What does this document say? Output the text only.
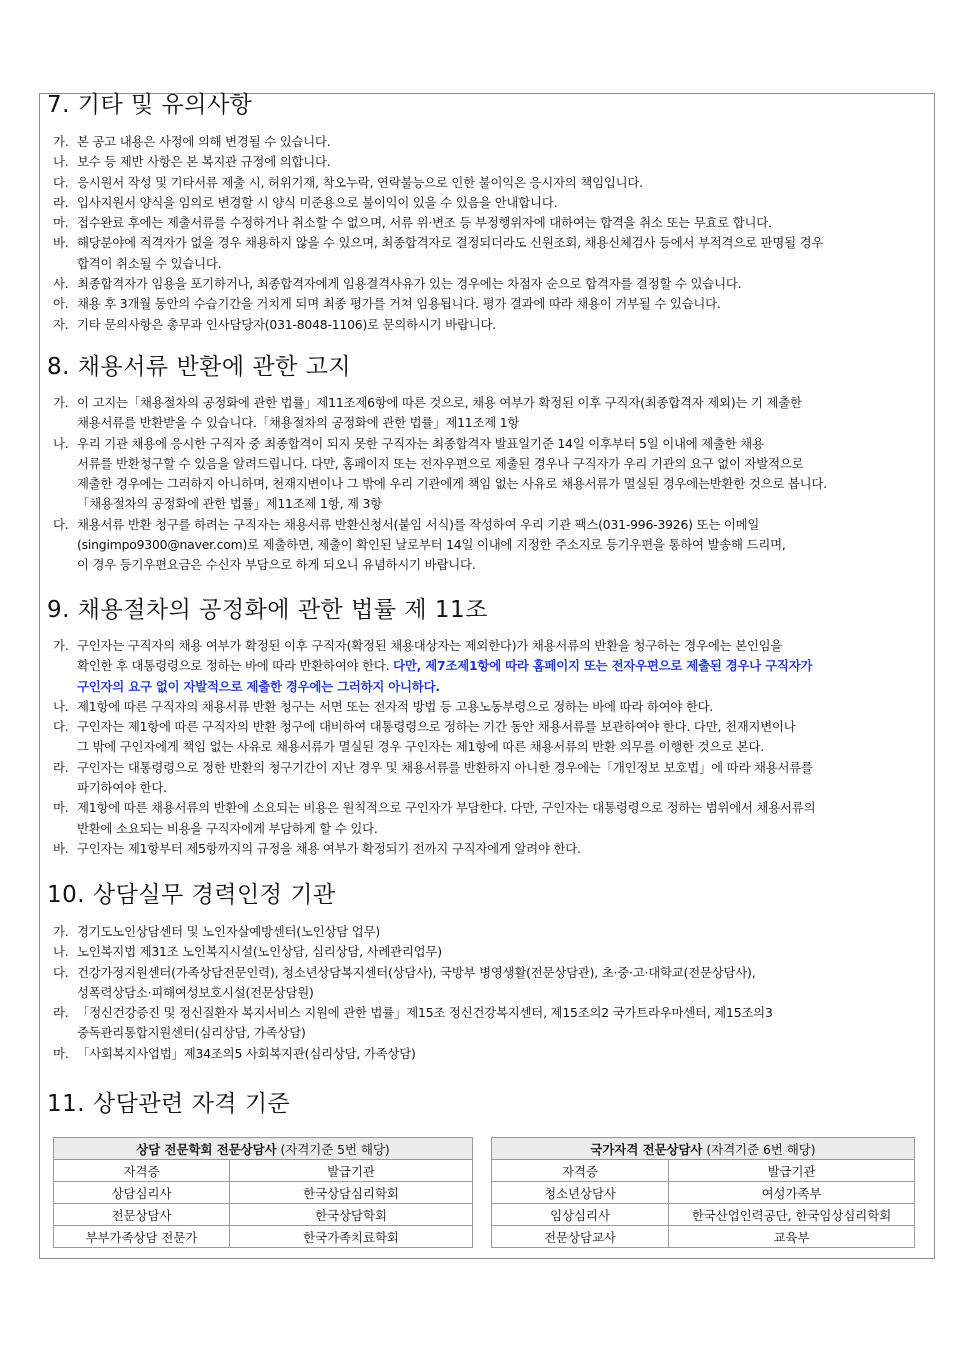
7. 기타 및 유의사항
가. 본 공고 내용은 사정에 의해 변경될 수 있습니다.
나. 보수 등 제반 사항은 본 복지관 규정에 의합니다.
다. 응시원서 작성 및 기타서류 제출 시, 허위기재, 착오누락, 연락불능으로 인한 불이익은 응시자의 책임입니다.
라. 입사지원서 양식을 임의로 변경할 시 양식 미준용으로 불이익이 있을 수 있음을 안내합니다.
마. 접수완료 후에는 제출서류를 수정하거나 취소할 수 없으며, 서류 위·변조 등 부정행위자에 대하여는 합격을 취소 또는 무효로 합니다.
바. 해당분야에 적격자가 없을 경우 채용하지 않을 수 있으며, 최종합격자로 결정되더라도 신원조회, 채용신체검사 등에서 부적격으로 판명될 경우
합격이 취소될 수 있습니다.
사. 최종합격자가 임용을 포기하거나, 최종합격자에게 임용결격사유가 있는 경우에는 차점자 순으로 합격자를 결정할 수 있습니다.
아. 채용 후 3개월 동안의 수습기간을 거치게 되며 최종 평가를 거쳐 임용됩니다. 평가 결과에 따라 채용이 거부될 수 있습니다.
자. 기타 문의사항은 총무과 인사담당자(031-8048-1106)로 문의하시기 바랍니다.
8. 채용서류 반환에 관한 고지
가. 이 고지는「채용절차의 공정화에 관한 법률」제11조제6항에 따른 것으로, 채용 여부가 확정된 이후 구직자(최종합격자 제외)는 기 제출한
채용서류를 반환받을 수 있습니다.「채용절차의 공정화에 관한 법률」제11조제 1항
나. 우리 기관 채용에 응시한 구직자 중 최종합격이 되지 못한 구직자는 최종합격자 발표일기준 14일 이후부터 5일 이내에 제출한 채용
서류를 반환청구할 수 있음을 알려드립니다. 다만, 홈페이지 또는 전자우편으로 제출된 경우나 구직자가 우리 기관의 요구 없이 자발적으로
제출한 경우에는 그러하지 아니하며, 천재지변이나 그 밖에 우리 기관에게 책임 없는 사유로 채용서류가 멸실된 경우에는반환한 것으로 봅니다.
「채용절차의 공정화에 관한 법률」제11조제 1항, 제 3항
다. 채용서류 반환 청구를 하려는 구직자는 채용서류 반환신청서(붙임 서식)를 작성하여 우리 기관 팩스(031-996-3926) 또는 이메일
(singimpo9300@naver.com)로 제출하면, 제출이 확인된 날로부터 14일 이내에 지정한 주소지로 등기우편을 통하여 발송해 드리며,
이 경우 등기우편요금은 수신자 부담으로 하게 되오니 유념하시기 바랍니다.
9. 채용절차의 공정화에 관한 법률 제 11조
가. 구인자는 구직자의 채용 여부가 확정된 이후 구직자(확정된 채용대상자는 제외한다)가 채용서류의 반환을 청구하는 경우에는 본인임을
확인한 후 대통령령으로 정하는 바에 따라 반환하여야 한다. 다만, 제7조제1항에 따라 홈페이지 또는 전자우편으로 제출된 경우나 구직자가
구인자의 요구 없이 자발적으로 제출한 경우에는 그러하지 아니하다.
나. 제1항에 따른 구직자의 채용서류 반환 청구는 서면 또는 전자적 방법 등 고용노동부령으로 정하는 바에 따라 하여야 한다.
다. 구인자는 제1항에 따른 구직자의 반환 청구에 대비하여 대통령령으로 정하는 기간 동안 채용서류를 보관하여야 한다. 다만, 천재지변이나
그 밖에 구인자에게 책임 없는 사유로 채용서류가 멸실된 경우 구인자는 제1항에 따른 채용서류의 반환 의무를 이행한 것으로 본다.
라. 구인자는 대통령령으로 정한 반환의 청구기간이 지난 경우 및 채용서류를 반환하지 아니한 경우에는「개인정보 보호법」에 따라 채용서류를
파기하여야 한다.
마. 제1항에 따른 채용서류의 반환에 소요되는 비용은 원칙적으로 구인자가 부담한다. 다만, 구인자는 대통령령으로 정하는 범위에서 채용서류의
반환에 소요되는 비용을 구직자에게 부담하게 할 수 있다.
바. 구인자는 제1항부터 제5항까지의 규정을 채용 여부가 확정되기 전까지 구직자에게 알려야 한다.
10. 상담실무 경력인정 기관
가. 경기도노인상담센터 및 노인자살예방센터(노인상담 업무)
나. 노인복지법 제31조 노인복지시설(노인상담, 심리상담, 사례관리업무)
다. 건강가정지원센터(가족상담전문인력), 청소년상담복지센터(상담사), 국방부 병영생활(전문상담관), 초·중·고·대학교(전문상담사),
성폭력상담소·피해여성보호시설(전문상담원)
라. 「정신건강증진 및 정신질환자 복지서비스 지원에 관한 법률」제15조 정신건강복지센터, 제15조의2 국가트라우마센터, 제15조의3
중독관리통합지원센터(심리상담, 가족상담)
마. 「사회복지사업법」제34조의5 사회복지관(심리상담, 가족상담)
11. 상담관련 자격 기준
상담 전문학회 전문상담사 (자격기준 5번 해당)	
자격증	발급기관
상담심리사	한국상담심리학회
전문상담사	한국상담학회
부부가족상담 전문가	한국가족치료학회
국가자격 전문상담사 (자격기준 6번 해당)	
자격증	발급기관
청소년상담사	여성가족부
임상심리사	한국산업인력공단, 한국임상심리학회
전문상담교사	교육부
